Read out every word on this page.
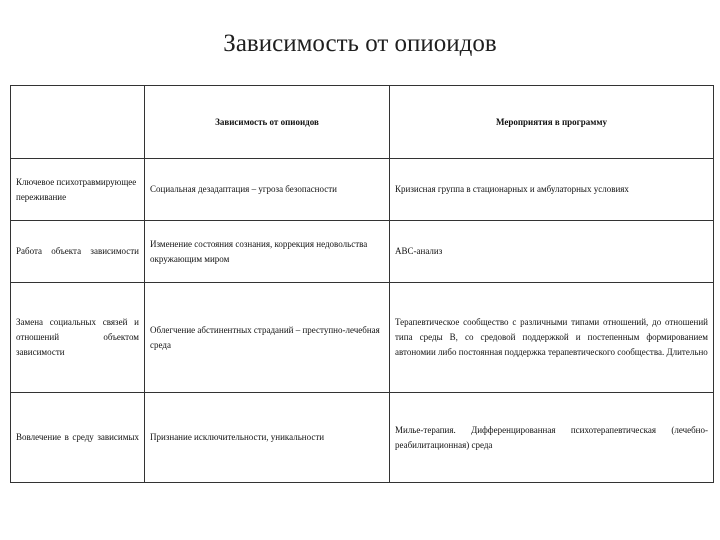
Зависимость от опиоидов
	Зависимость от опиоидов	Мероприятия в программу
Ключевое психотравмирующее переживание	Социальная дезадаптация – угроза безопасности	Кризисная группа в стационарных и амбулаторных условиях
Работа объекта зависимости	Изменение состояния сознания, коррекция недовольства окружающим миром	ABC-анализ
Замена социальных связей и отношений объектом зависимости	Облегчение абстинентных страданий – преступно-лечебная среда	Терапевтическое сообщество с различными типами отношений, до отношений типа среды B, со средовой поддержкой и постепенным формированием автономии либо постоянная поддержка терапевтического сообщества. Длительно
Вовлечение в среду зависимых	Признание исключительности, уникальности	Милье-терапия. Дифференцированная психотерапевтическая (лечебно-реабилитационная) среда
